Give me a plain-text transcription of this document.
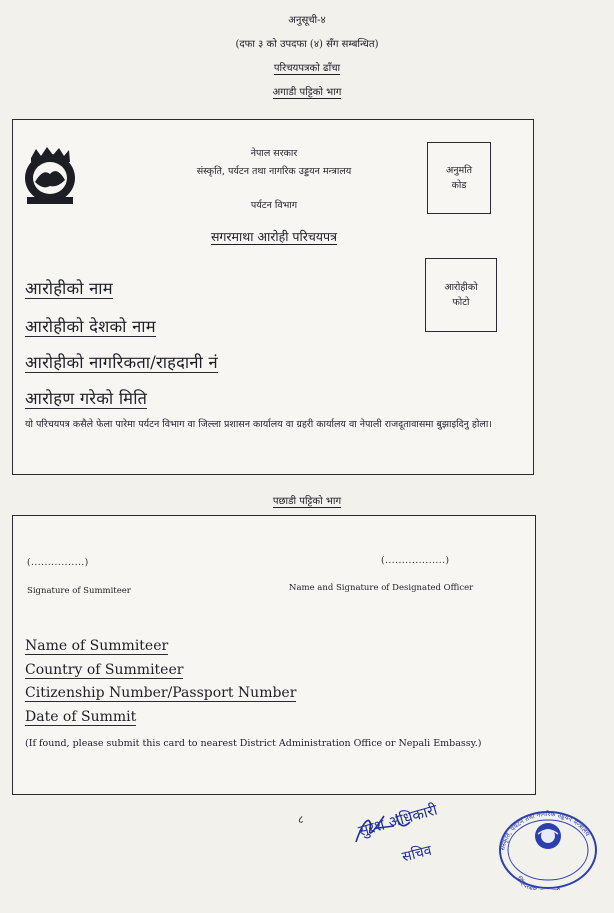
अनुसूची-४
(दफा ३ को उपदफा (४) सँग सम्बन्धित)
परिचयपत्रको ढाँचा
अगाडी पट्टिको भाग
नेपाल सरकार
संस्कृति, पर्यटन तथा नागरिक उड्डयन मन्त्रालय
पर्यटन विभाग
सगरमाथा आरोही परिचयपत्र
अनुमति
कोड
आरोहीको
फोटो
आरोहीको नाम
आरोहीको देशको नाम
आरोहीको नागरिकता/राहदानी नं
आरोहण गरेको मिति
यो परिचयपत्र कसैले फेला पारेमा पर्यटन विभाग वा जिल्ला प्रशासन कार्यालय वा ग्रहरी कार्यालय वा नेपाली राजदूतावासमा बुझाइदिनु होला।
पछाडी पट्टिको भाग
(................)	(..................)
Signature of Summiteer	Name and Signature of Designated Officer
Name of Summiteer
Country of Summiteer
Citizenship Number/Passport Number
Date of Summit
(If found, please submit this card to nearest District Administration Office or Nepali Embassy.)
८	सुरेश अधिकारी
सचिव	संस्कृति, पर्यटन तथा नागरिक उड्डयन मन्त्रालय
सिंहदरबार
